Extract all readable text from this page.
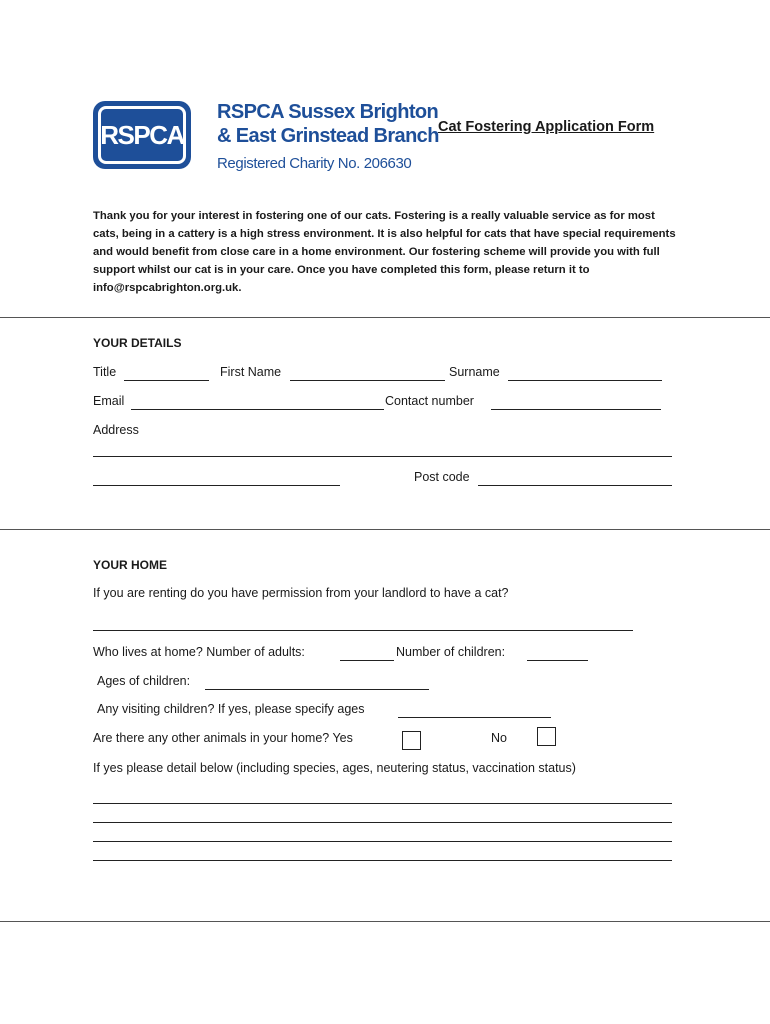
RSPCA
RSPCA Sussex Brighton
& East Grinstead Branch
Registered Charity No. 206630
Cat Fostering Application Form
Thank you for your interest in fostering one of our cats. Fostering is a really valuable service as for most cats, being in a cattery is a high stress environment. It is also helpful for cats that have special requirements and would benefit from close care in a home environment. Our fostering scheme will provide you with full support whilst our cat is in your care. Once you have completed this form, please return it to info@rspcabrighton.org.uk.
YOUR DETAILS
Title	First Name	Surname
Email	Contact number
Address
Post code
YOUR HOME
If you are renting do you have permission from your landlord to have a cat?
Who lives at home? Number of adults:	Number of children:
Ages of children:
Any visiting children? If yes, please specify ages
Are there any other animals in your home? Yes	No
If yes please detail below (including species, ages, neutering status, vaccination status)
